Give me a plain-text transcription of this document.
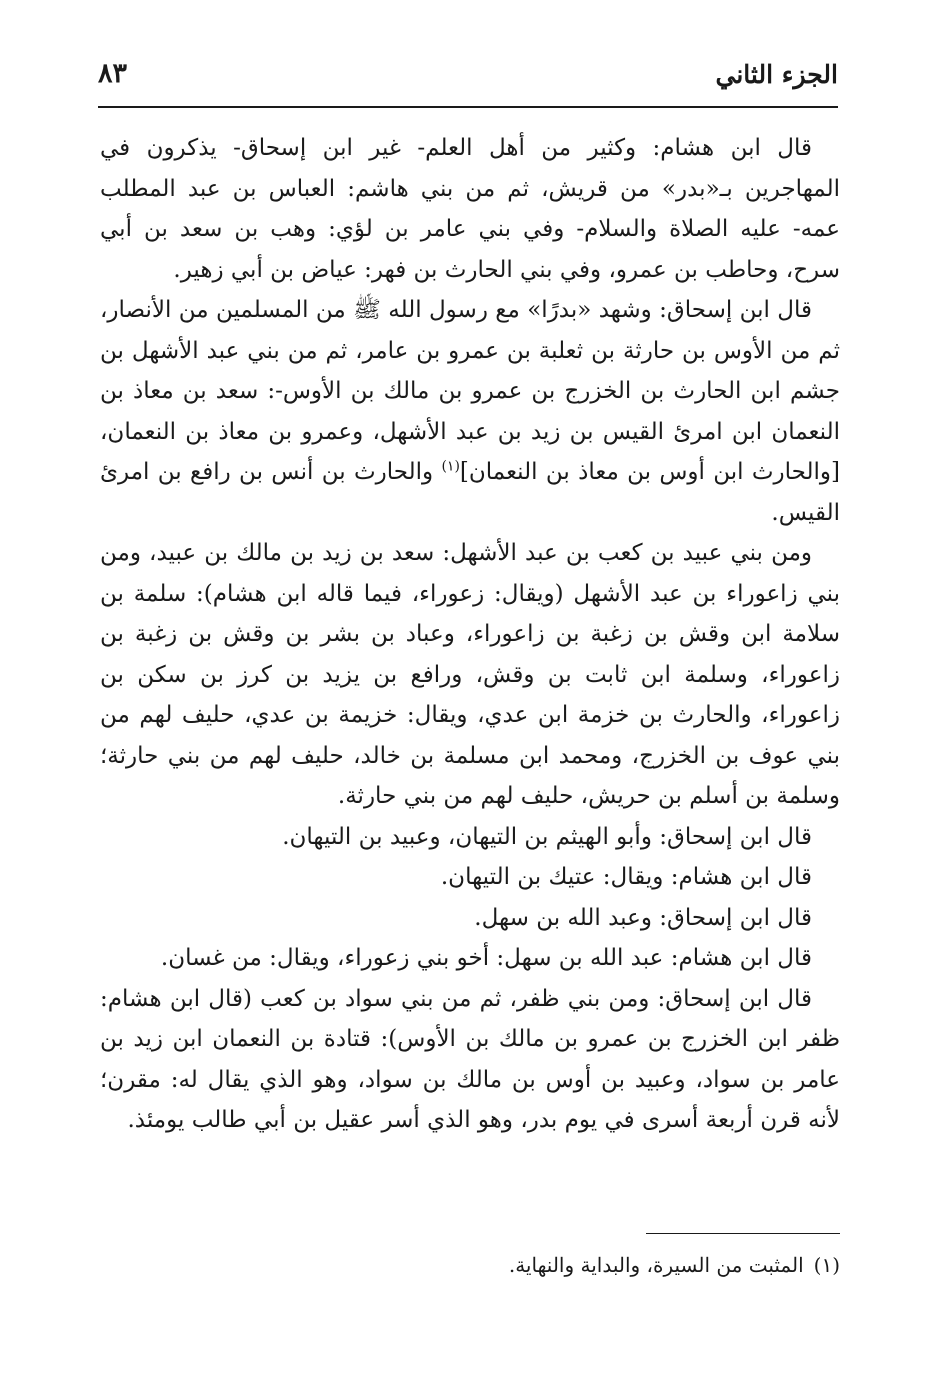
الجزء الثاني
٨٣

قال ابن هشام: وكثير من أهل العلم- غير ابن إسحاق- يذكرون في المهاجرين بـ«بدر» من قريش، ثم من بني هاشم: العباس بن عبد المطلب عمه- عليه الصلاة والسلام- وفي بني عامر بن لؤي: وهب بن سعد بن أبي سرح، وحاطب بن عمرو، وفي بني الحارث بن فهر: عياض بن أبي زهير.

قال ابن إسحاق: وشهد «بدرًا» مع رسول الله ﷺ من المسلمين من الأنصار، ثم من الأوس بن حارثة بن ثعلبة بن عمرو بن عامر، ثم من بني عبد الأشهل بن جشم ابن الحارث بن الخزرج بن عمرو بن مالك بن الأوس-: سعد بن معاذ بن النعمان ابن امرئ القيس بن زيد بن عبد الأشهل، وعمرو بن معاذ بن النعمان، [والحارث ابن أوس بن معاذ بن النعمان]$^{(١)}$ والحارث بن أنس بن رافع بن امرئ القيس.

ومن بني عبيد بن كعب بن عبد الأشهل: سعد بن زيد بن مالك بن عبيد، ومن بني زاعوراء بن عبد الأشهل (ويقال: زعوراء، فيما قاله ابن هشام): سلمة بن سلامة ابن وقش بن زغبة بن زاعوراء، وعباد بن بشر بن وقش بن زغبة بن زاعوراء، وسلمة ابن ثابت بن وقش، ورافع بن يزيد بن كرز بن سكن بن زاعوراء، والحارث بن خزمة ابن عدي، ويقال: خزيمة بن عدي، حليف لهم من بني عوف بن الخزرج، ومحمد ابن مسلمة بن خالد، حليف لهم من بني حارثة؛ وسلمة بن أسلم بن حريش، حليف لهم من بني حارثة.

قال ابن إسحاق: وأبو الهيثم بن التيهان، وعبيد بن التيهان.

قال ابن هشام: ويقال: عتيك بن التيهان.

قال ابن إسحاق: وعبد الله بن سهل.

قال ابن هشام: عبد الله بن سهل: أخو بني زعوراء، ويقال: من غسان.

قال ابن إسحاق: ومن بني ظفر، ثم من بني سواد بن كعب (قال ابن هشام: ظفر ابن الخزرج بن عمرو بن مالك بن الأوس): قتادة بن النعمان ابن زيد بن عامر بن سواد، وعبيد بن أوس بن مالك بن سواد، وهو الذي يقال له: مقرن؛ لأنه قرن أربعة أسرى في يوم بدر، وهو الذي أسر عقيل بن أبي طالب يومئذ.

(١)المثبت من السيرة، والبداية والنهاية.
